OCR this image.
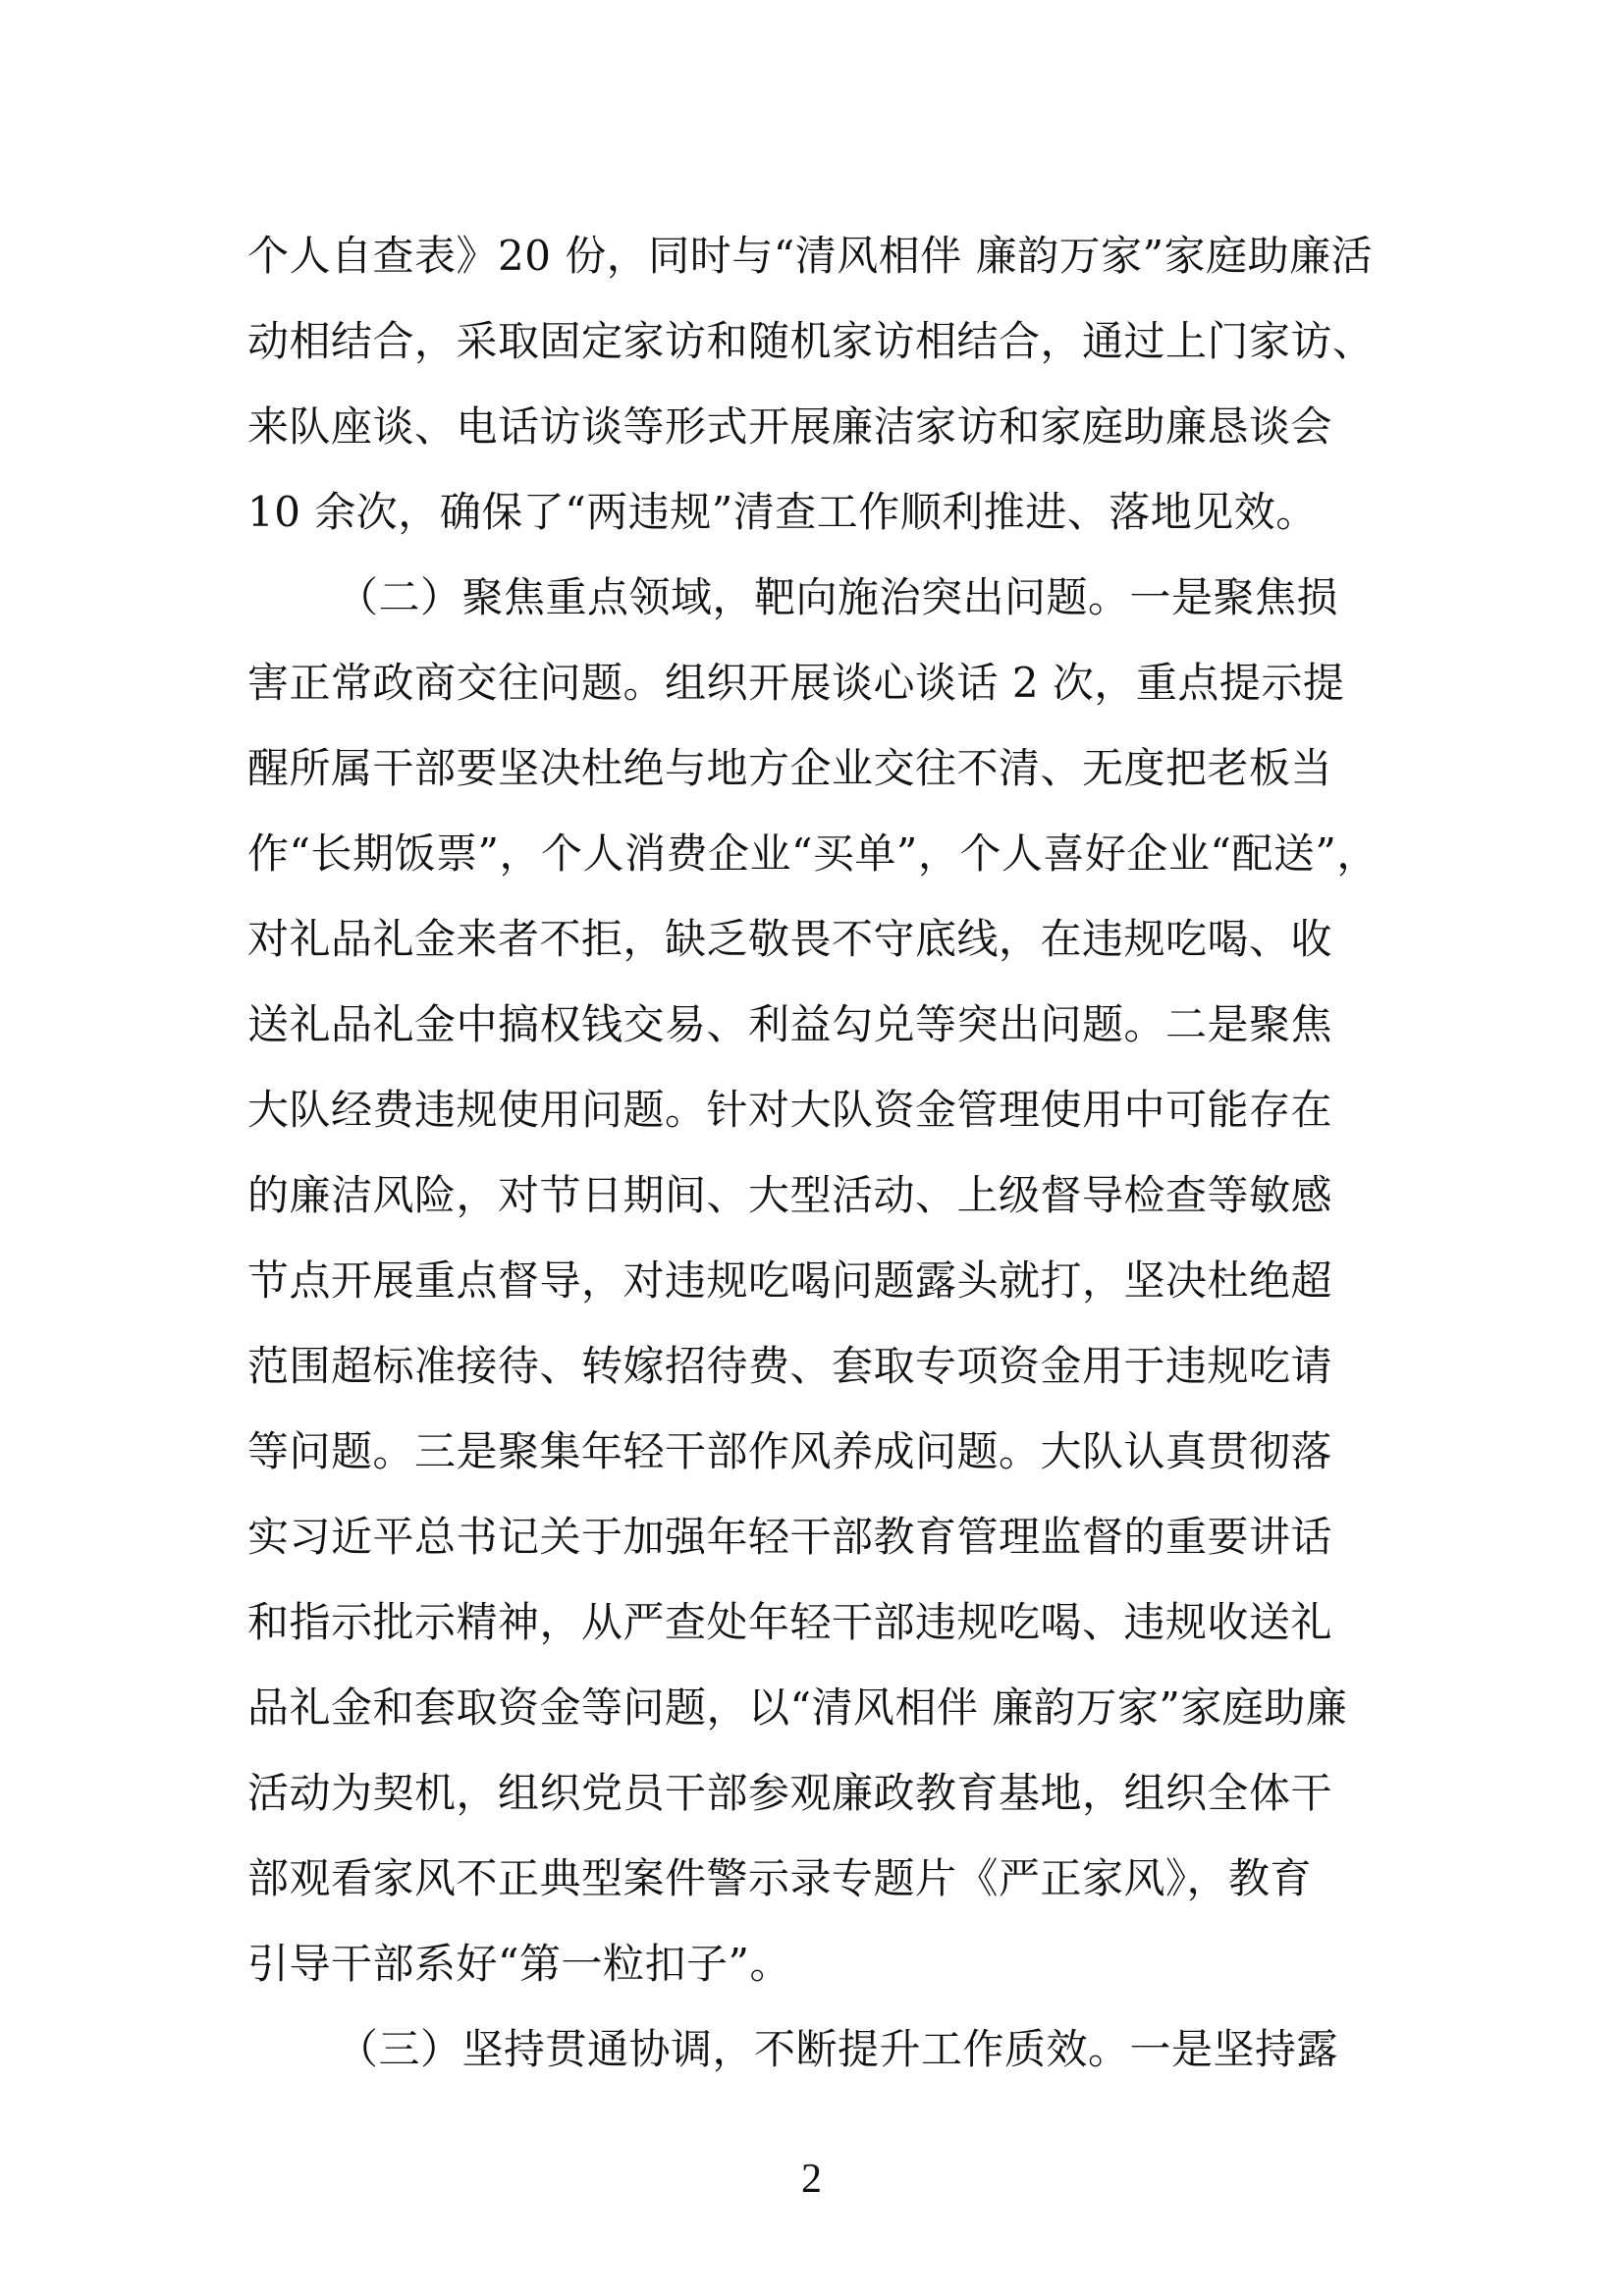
个人自查表》20 份，同时与“清风相伴 廉韵万家”家庭助廉活
动相结合，采取固定家访和随机家访相结合，通过上门家访、
来队座谈、电话访谈等形式开展廉洁家访和家庭助廉恳谈会
10 余次，确保了“两违规”清查工作顺利推进、落地见效。
（二）聚焦重点领域，靶向施治突出问题。一是聚焦损
害正常政商交往问题。组织开展谈心谈话 2 次，重点提示提
醒所属干部要坚决杜绝与地方企业交往不清、无度把老板当
作“长期饭票”，个人消费企业“买单”，个人喜好企业“配送”，
对礼品礼金来者不拒，缺乏敬畏不守底线，在违规吃喝、收
送礼品礼金中搞权钱交易、利益勾兑等突出问题。二是聚焦
大队经费违规使用问题。针对大队资金管理使用中可能存在
的廉洁风险，对节日期间、大型活动、上级督导检查等敏感
节点开展重点督导，对违规吃喝问题露头就打，坚决杜绝超
范围超标准接待、转嫁招待费、套取专项资金用于违规吃请
等问题。三是聚集年轻干部作风养成问题。大队认真贯彻落
实习近平总书记关于加强年轻干部教育管理监督的重要讲话
和指示批示精神，从严查处年轻干部违规吃喝、违规收送礼
品礼金和套取资金等问题，以“清风相伴 廉韵万家”家庭助廉
活动为契机，组织党员干部参观廉政教育基地，组织全体干
部观看家风不正典型案件警示录专题片《严正家风》，教育
引导干部系好“第一粒扣子”。
（三）坚持贯通协调，不断提升工作质效。一是坚持露
2
